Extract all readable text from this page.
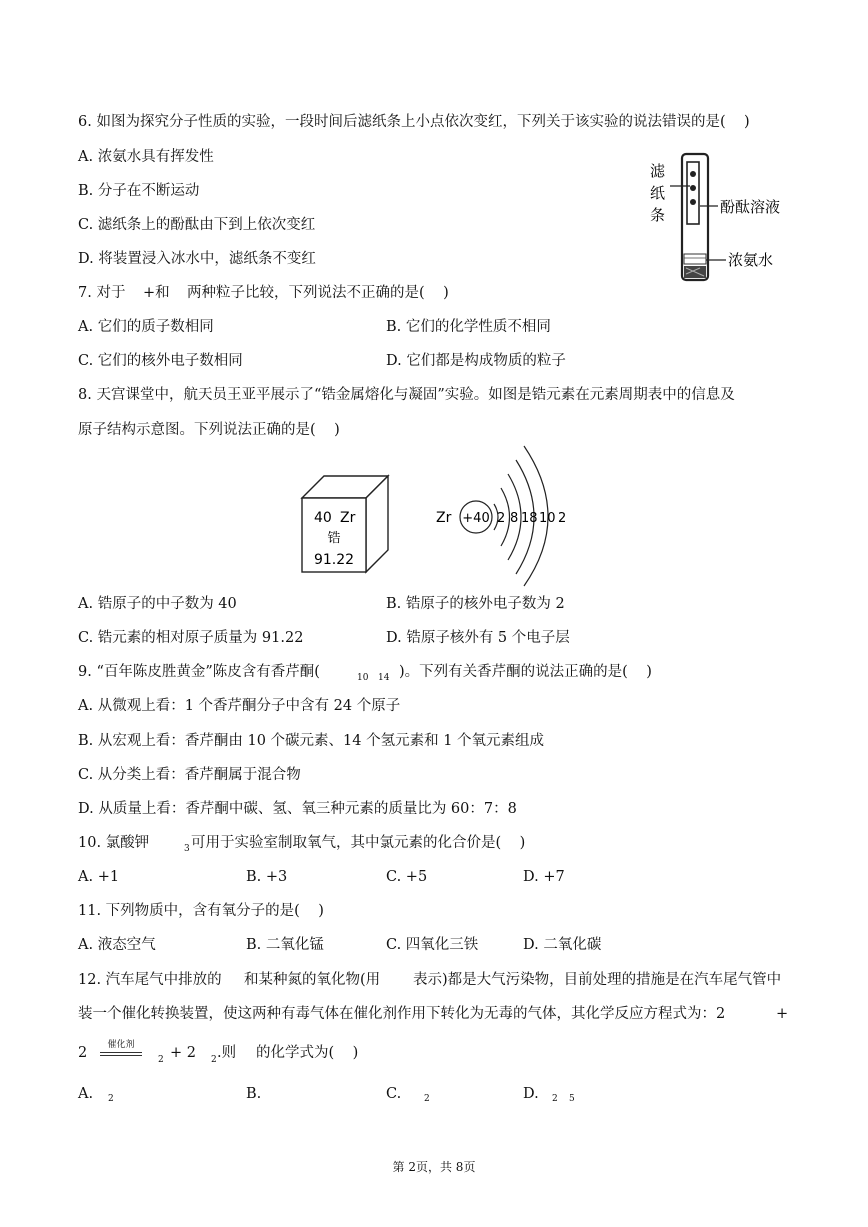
6. 如图为探究分子性质的实验，一段时间后滤纸条上小点依次变红，下列关于该实验的说法错误的是(    )
A. 浓氨水具有挥发性
B. 分子在不断运动
C. 滤纸条上的酚酞由下到上依次变红
D. 将装置浸入冰水中，滤纸条不变红
滤
纸
条	酚酞溶液
浓氨水
7. 对于 +和 两种粒子比较，下列说法不正确的是(    )
A. 它们的质子数相同	B. 它们的化学性质不相同
C. 它们的核外电子数相同	D. 它们都是构成物质的粒子
8. 天宫课堂中，航天员王亚平展示了“锆金属熔化与凝固”实验。如图是锆元素在元素周期表中的信息及
原子结构示意图。下列说法正确的是(    )
40 Zr
锆
91.22
Zr +40 2 8 18 10 2
A. 锆原子的中子数为 40	B. 锆原子的核外电子数为 2
C. 锆元素的相对原子质量为 91.22	D. 锆原子核外有 5 个电子层
9. “百年陈皮胜黄金”陈皮含有香芹酮(	10 14 )。下列有关香芹酮的说法正确的是(    )
A. 从微观上看：1 个香芹酮分子中含有 24 个原子
B. 从宏观上看：香芹酮由 10 个碳元素、14 个氢元素和 1 个氧元素组成
C. 从分类上看：香芹酮属于混合物
D. 从质量上看：香芹酮中碳、氢、氧三种元素的质量比为 60：7：8
10. 氯酸钾	3 可用于实验室制取氧气，其中氯元素的化合价是(    )
A. +1	B. +3	C. +5	D. +7
11. 下列物质中，含有氧分子的是(    )
A. 液态空气	B. 二氧化锰	C. 四氧化三铁	D. 二氧化碳
12. 汽车尾气中排放的 和某种氮的氧化物(用 表示)都是大气污染物，目前处理的措施是在汽车尾气管中
装一个催化转换装置，使这两种有毒气体在催化剂作用下转化为无毒的气体，其化学反应方程式为：2	+
2	催化剂
2 + 2 2 .则 的化学式为(    )
A. 2	B.	C.	2	D. 2 5
第 2页，共 8页
